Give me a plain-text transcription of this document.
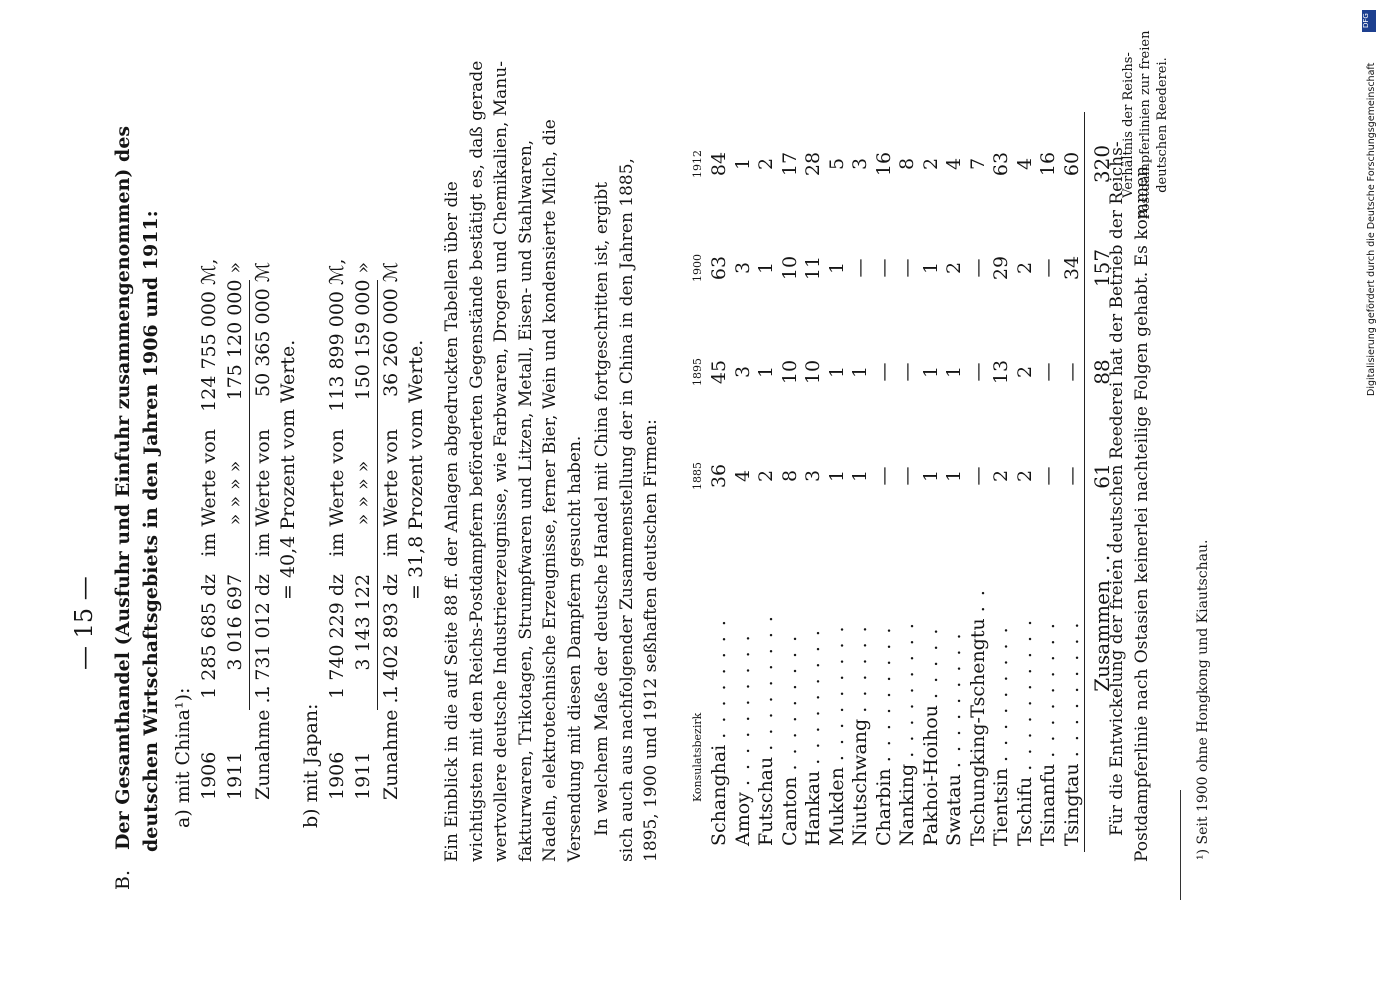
— 15 —
B. Der Gesamthandel (Ausfuhr und Einfuhr zusammengenommen) des deutschen Wirtschaftsgebiets in den Jahren 1906 und 1911: a) mit China¹): 1906 1 285 685 dz im Werte von 124 755 000 ℳ,
1911 3 016 697 » » » » 175 120 000 »
Zunahme . . 1 731 012 dz im Werte von 50 365 000 ℳ
= 40,4 Prozent vom Werte.
b) mit Japan: 1906 1 740 229 dz im Werte von 113 899 000 ℳ,
1911 3 143 122 » » » » 150 159 000 »
Zunahme . . 1 402 893 dz im Werte von 36 260 000 ℳ
= 31,8 Prozent vom Werte. Ein Einblick in die auf Seite 88 ff. der Anlagen abgedruckten Tabellen über die wichtigsten mit den Reichs-Postdampfern beförderten Gegenstände bestätigt es, daß gerade wertvollere deutsche Industrieerzeugnisse, wie Farbwaren, Drogen und Chemikalien, Manu- fakturwaren, Trikotagen, Strumpfwaren und Litzen, Metall, Eisen- und Stahlwaren, Nadeln, elektrotechnische Erzeugnisse, ferner Bier, Wein und kondensierte Milch, die Versendung mit diesen Dampfern gesucht haben. In welchem Maße der deutsche Handel mit China fortgeschritten ist, ergibt sich auch aus nachfolgender Zusammenstellung der in China in den Jahren 1885, 1895, 1900 und 1912 seßhaften deutschen Firmen:	Konsulatsbezirk	1885	1895	1900	1912
Schanghai . . . . . . . .	36	45	63	84
Amoy . . . . . . . . . .	4	3	3	1
Futschau . . . . . . . . .	2	1	1	2
Canton . . . . . . . . .	8	10	10	17
Hankau . . . . . . . . .	3	10	11	28
Mukden . . . . . . . . .	1	1	1	5
Niutschwang . . . . . .	1	1	—	3
Charbin . . . . . . . . .	—	—	—	16
Nanking . . . . . . . . .	—	—	—	8
Pakhoi-Hoihou . . . . .	1	1	1	2
Swatau . . . . . . . . .	1	1	2	4
Tschungking-Tschengtu . .	—	—	—	7
Tientsin . . . . . . . . .	2	13	29	63
Tschifu . . . . . . . . . .	2	2	2	4
Tsinanfu . . . . . . . . .	—	—	—	16
Tsingtau . . . . . . . . .	—	—	34	60
Zusammen . . .	61	88	157	320
Für die Entwickelung der freien deutschen Reederei hat der Betrieb der Reichs- Postdampferlinie nach Ostasien keinerlei nachteilige Folgen gehabt. Es kommen
Verhältnis der Reichs-Postdampferlinien zur freien deutschen Reederei.
¹) Seit 1900 ohne Hongkong und Kiautschau.
DFG
Digitalisierung gefördert durch die Deutsche Forschungsgemeinschaft
